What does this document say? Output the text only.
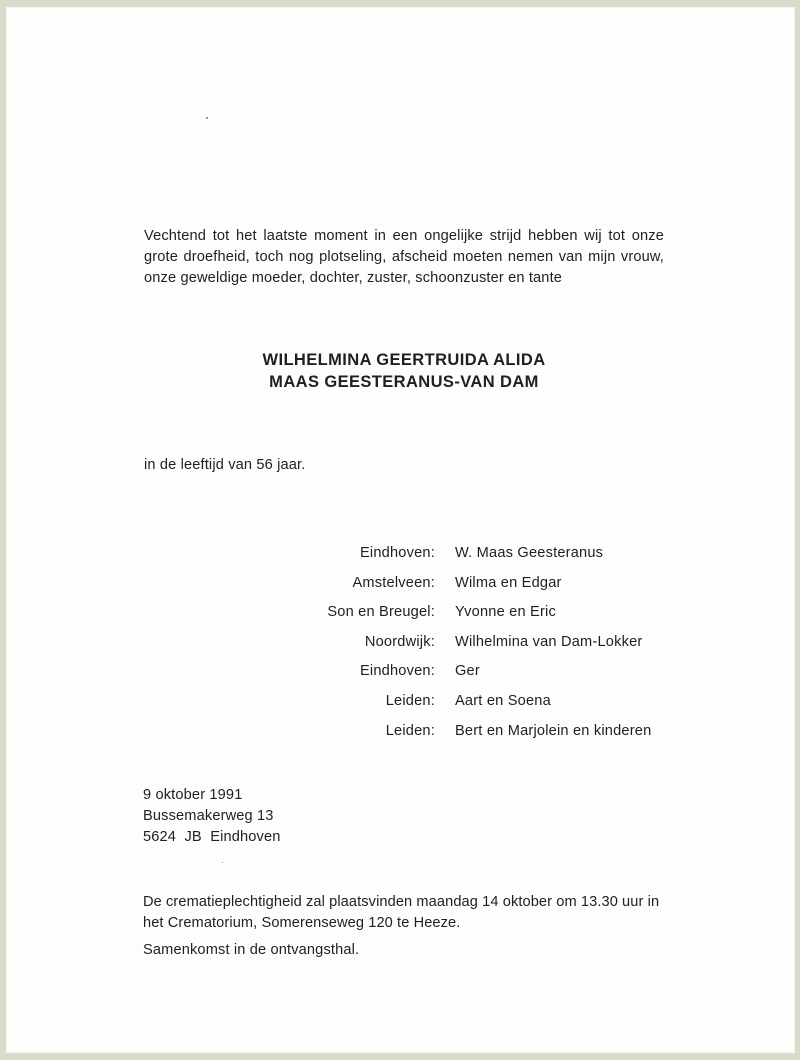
Vechtend tot het laatste moment in een ongelijke strijd hebben wij tot onze grote droefheid, toch nog plotseling, afscheid moeten nemen van mijn vrouw, onze geweldige moeder, dochter, zuster, schoonzuster en tante
WILHELMINA GEERTRUIDA ALIDA
MAAS GEESTERANUS-VAN DAM
in de leeftijd van 56 jaar.
Eindhoven: W. Maas Geesteranus
Amstelveen: Wilma en Edgar
Son en Breugel: Yvonne en Eric
Noordwijk: Wilhelmina van Dam-Lokker
Eindhoven: Ger
Leiden: Aart en Soena
Leiden: Bert en Marjolein en kinderen
9 oktober 1991
Bussemakerweg 13
5624  JB  Eindhoven
De crematieplechtigheid zal plaatsvinden maandag 14 oktober om 13.30 uur in het Crematorium, Somerenseweg 120 te Heeze.
Samenkomst in de ontvangsthal.
